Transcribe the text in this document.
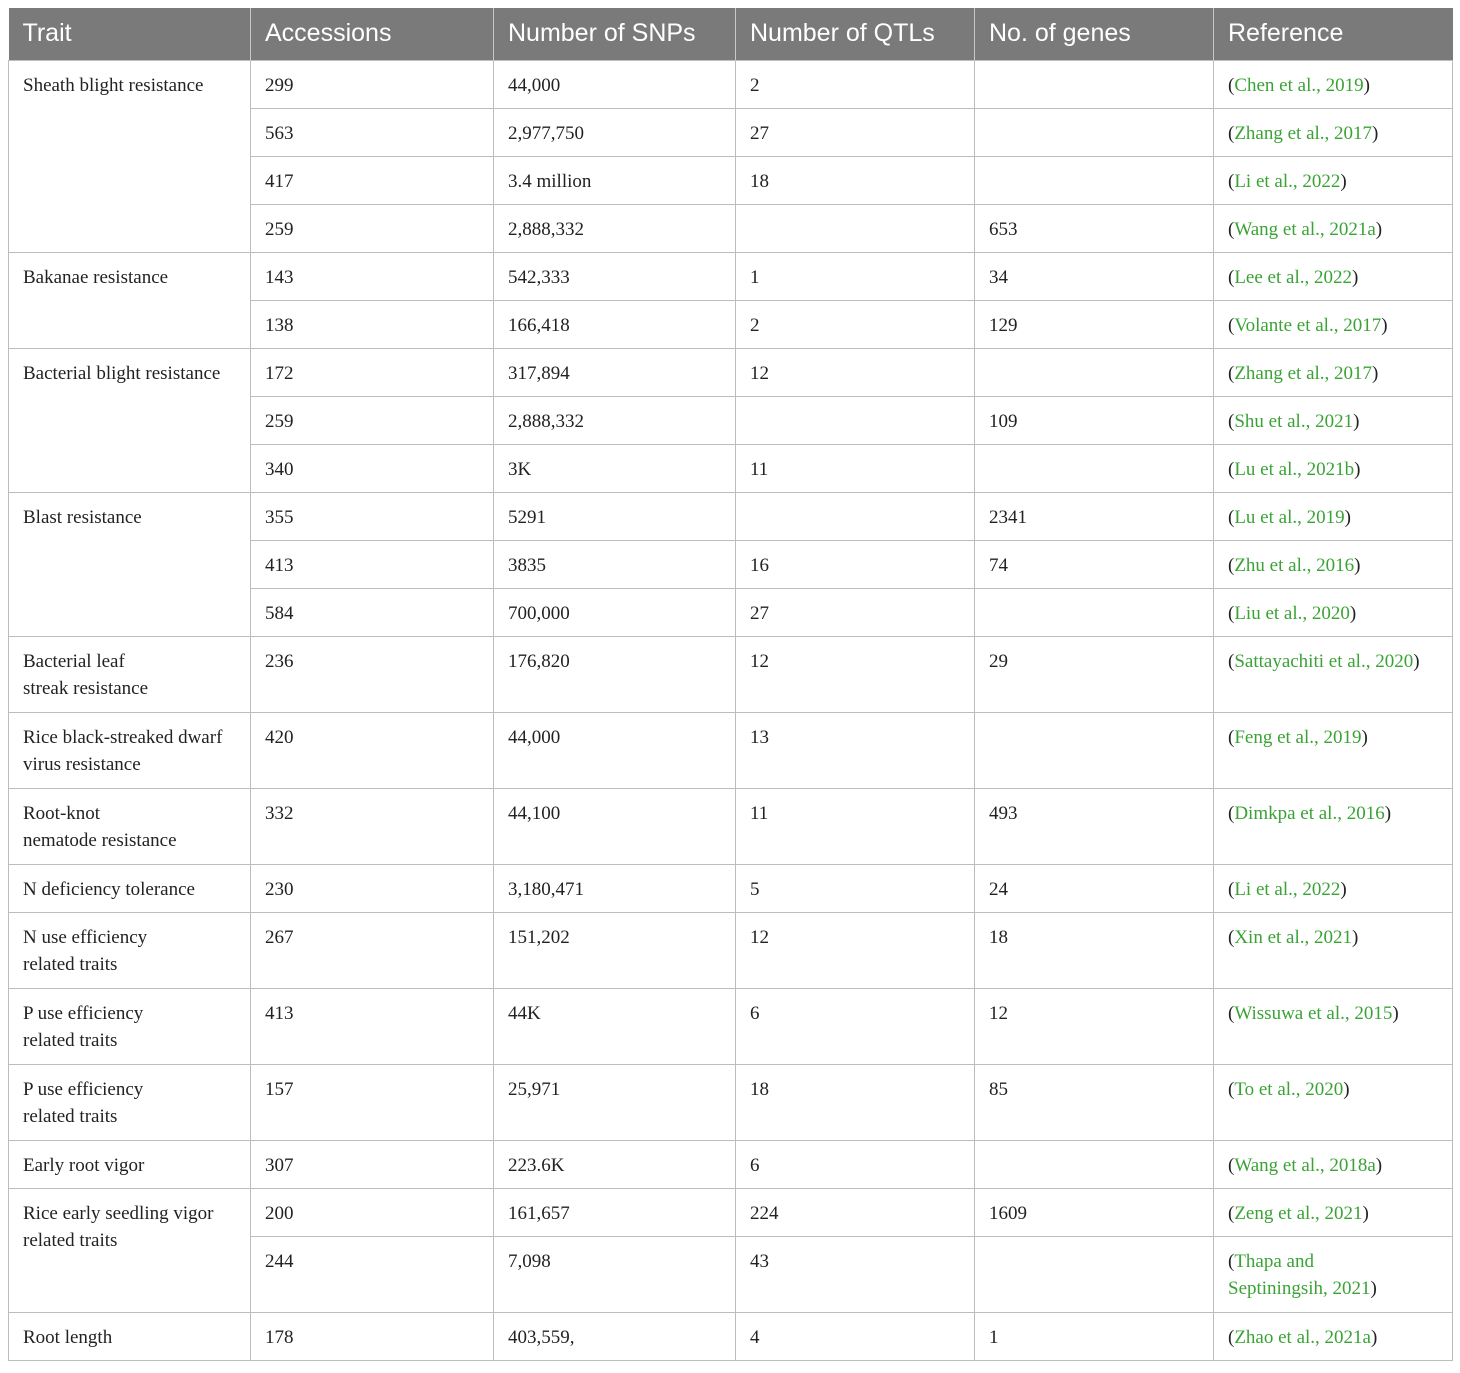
Trait	Accessions	Number of SNPs	Number of QTLs	No. of genes	Reference
Sheath blight resistance	299	44,000	2		(Chen et al., 2019)
	563	2,977,750	27		(Zhang et al., 2017)
	417	3.4 million	18		(Li et al., 2022)
	259	2,888,332		653	(Wang et al., 2021a)
Bakanae resistance	143	542,333	1	34	(Lee et al., 2022)
	138	166,418	2	129	(Volante et al., 2017)
Bacterial blight resistance	172	317,894	12		(Zhang et al., 2017)
	259	2,888,332		109	(Shu et al., 2021)
	340	3K	11		(Lu et al., 2021b)
Blast resistance	355	5291		2341	(Lu et al., 2019)
	413	3835	16	74	(Zhu et al., 2016)
	584	700,000	27		(Liu et al., 2020)
Bacterial leaf
streak resistance	236	176,820	12	29	(Sattayachiti et al., 2020)
Rice black-streaked dwarf
virus resistance	420	44,000	13		(Feng et al., 2019)
Root-knot
nematode resistance	332	44,100	11	493	(Dimkpa et al., 2016)
N deficiency tolerance	230	3,180,471	5	24	(Li et al., 2022)
N use efficiency
related traits	267	151,202	12	18	(Xin et al., 2021)
P use efficiency
related traits	413	44K	6	12	(Wissuwa et al., 2015)
P use efficiency
related traits	157	25,971	18	85	(To et al., 2020)
Early root vigor	307	223.6K	6		(Wang et al., 2018a)
Rice early seedling vigor
related traits	200	161,657	224	1609	(Zeng et al., 2021)
	244	7,098	43		(Thapa and
Septiningsih, 2021)
Root length	178	403,559,	4	1	(Zhao et al., 2021a)
